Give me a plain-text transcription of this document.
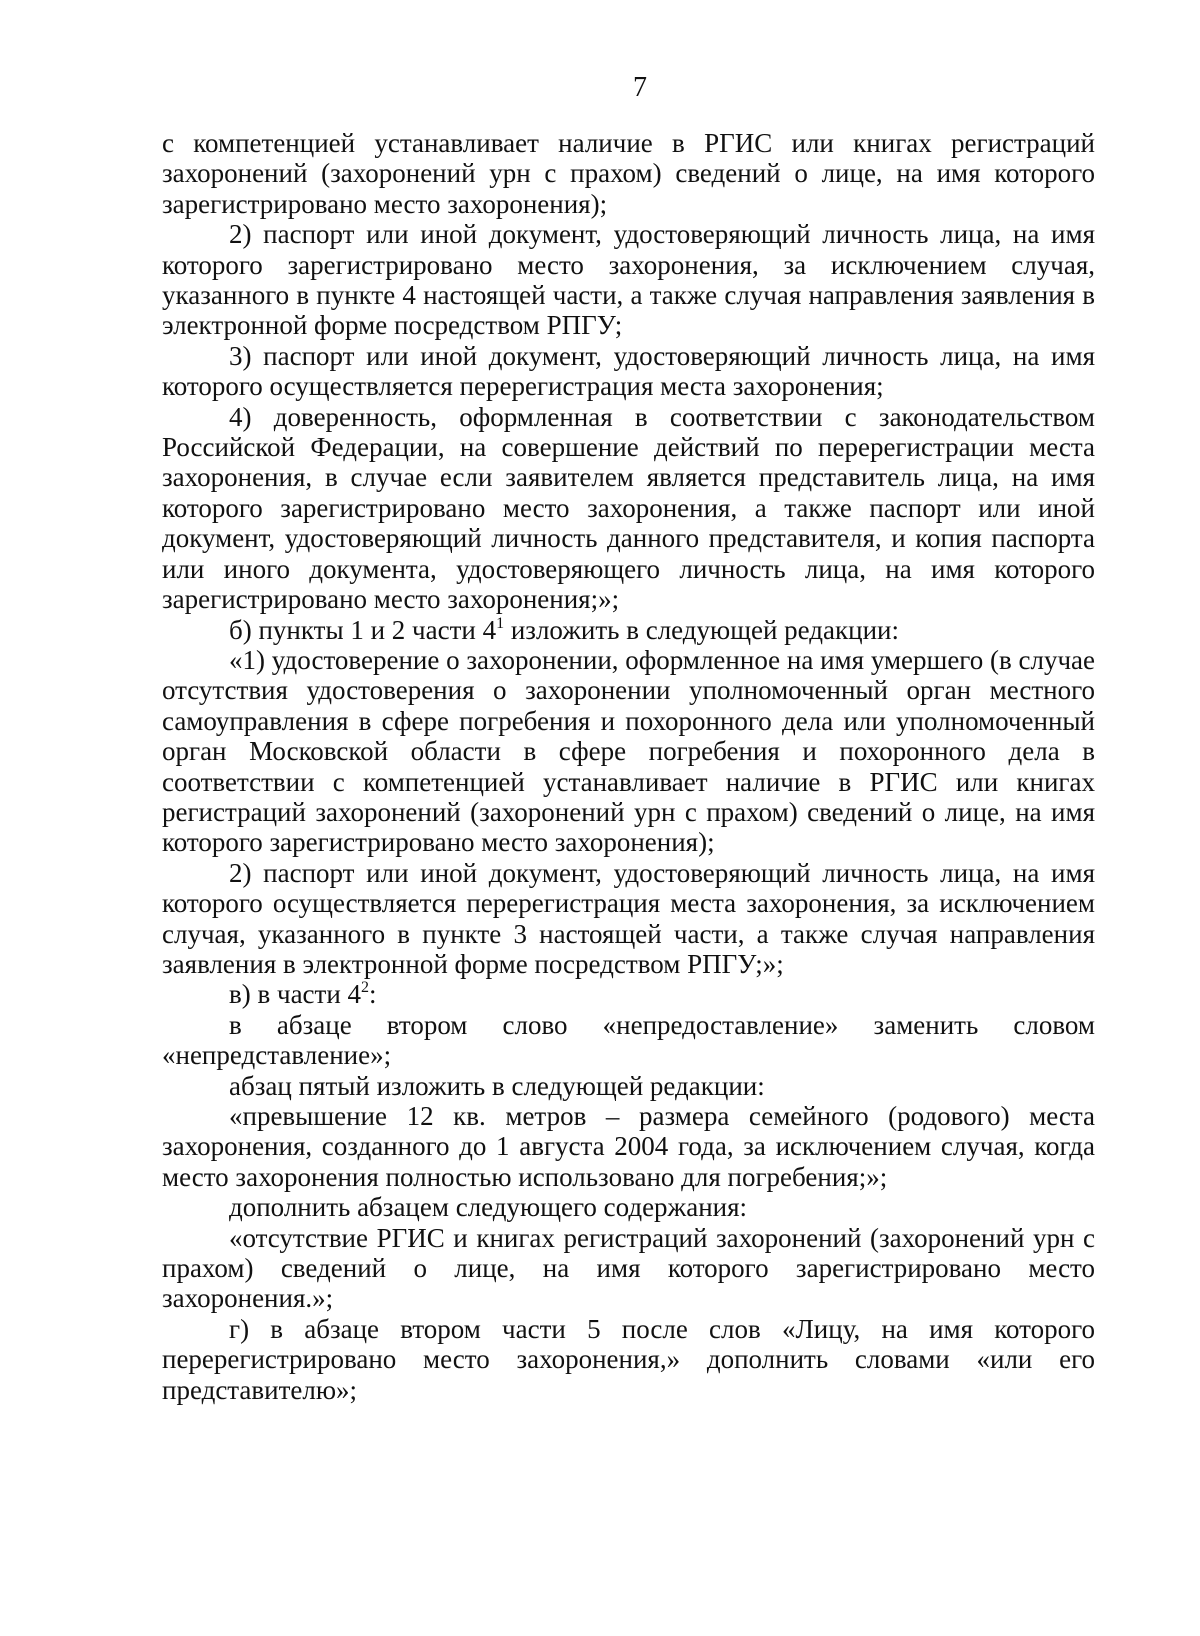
7

с компетенцией устанавливает наличие в РГИС или книгах регистраций захоронений (захоронений урн с прахом) сведений о лице, на имя которого зарегистрировано место захоронения);

2) паспорт или иной документ, удостоверяющий личность лица, на имя которого зарегистрировано место захоронения, за исключением случая, указанного в пункте 4 настоящей части, а также случая направления заявления в электронной форме посредством РПГУ;

3) паспорт или иной документ, удостоверяющий личность лица, на имя которого осуществляется перерегистрация места захоронения;

4) доверенность, оформленная в соответствии с законодательством Российской Федерации, на совершение действий по перерегистрации места захоронения, в случае если заявителем является представитель лица, на имя которого зарегистрировано место захоронения, а также паспорт или иной документ, удостоверяющий личность данного представителя, и копия паспорта или иного документа, удостоверяющего личность лица, на имя которого зарегистрировано место захоронения;»;

б) пункты 1 и 2 части $4^1$ изложить в следующей редакции:

«1) удостоверение о захоронении, оформленное на имя умершего (в случае отсутствия удостоверения о захоронении уполномоченный орган местного самоуправления в сфере погребения и похоронного дела или уполномоченный орган Московской области в сфере погребения и похоронного дела в соответствии с компетенцией устанавливает наличие в РГИС или книгах регистраций захоронений (захоронений урн с прахом) сведений о лице, на имя которого зарегистрировано место захоронения);

2) паспорт или иной документ, удостоверяющий личность лица, на имя которого осуществляется перерегистрация места захоронения, за исключением случая, указанного в пункте 3 настоящей части, а также случая направления заявления в электронной форме посредством РПГУ;»;

в) в части $4^2$:

в абзаце втором слово «непредоставление» заменить словом «непредставление»;

абзац пятый изложить в следующей редакции:

«превышение 12 кв. метров – размера семейного (родового) места захоронения, созданного до 1 августа 2004 года, за исключением случая, когда место захоронения полностью использовано для погребения;»;

дополнить абзацем следующего содержания:

«отсутствие РГИС и книгах регистраций захоронений (захоронений урн с прахом) сведений о лице, на имя которого зарегистрировано место захоронения.»;

г) в абзаце втором части 5 после слов «Лицу, на имя которого перерегистрировано место захоронения,» дополнить словами «или его представителю»;
